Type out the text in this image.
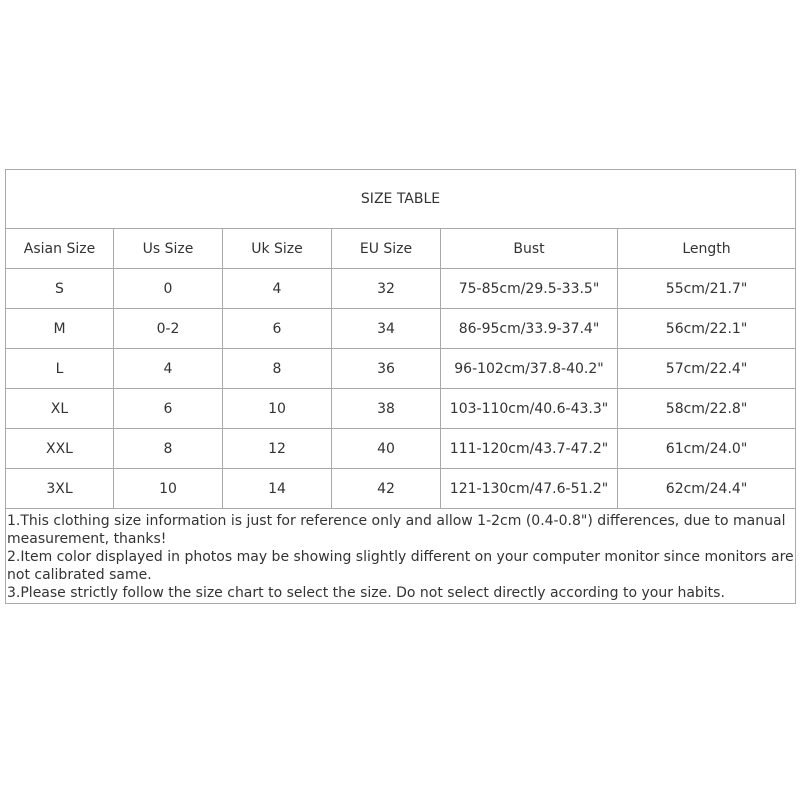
SIZE TABLE					
Asian Size	Us Size	Uk Size	EU Size	Bust	Length
S	0	4	32	75-85cm/29.5-33.5"	55cm/21.7"
M	0-2	6	34	86-95cm/33.9-37.4"	56cm/22.1"
L	4	8	36	96-102cm/37.8-40.2"	57cm/22.4"
XL	6	10	38	103-110cm/40.6-43.3"	58cm/22.8"
XXL	8	12	40	111-120cm/43.7-47.2"	61cm/24.0"
3XL	10	14	42	121-130cm/47.6-51.2"	62cm/24.4"

1.This clothing size information is just for reference only and allow 1-2cm (0.4-0.8") differences, due to manual measurement, thanks!

2.Item color displayed in photos may be showing slightly different on your computer monitor since monitors are not calibrated same.

3.Please strictly follow the size chart to select the size. Do not select directly according to your habits.					
